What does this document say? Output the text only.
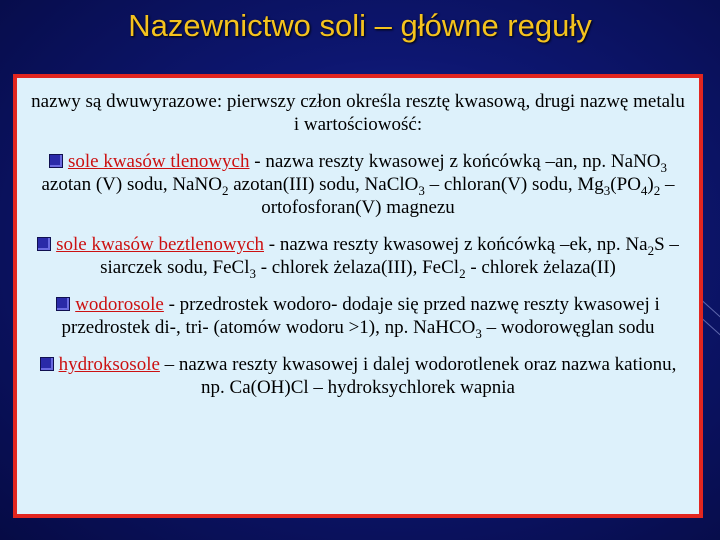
Nazewnictwo soli – główne reguły

nazwy są dwuwyrazowe: pierwszy człon określa resztę kwasową, drugi nazwę metalu i wartościowość:

sole kwasów tlenowych - nazwa reszty kwasowej z końcówką –an, np. NaNO$_3$ azotan (V) sodu, NaNO$_2$ azotan(III) sodu, NaClO$_3$ – chloran(V) sodu, $Mg_3(PO_4)_2$ – ortofosforan(V) magnezu

sole kwasów beztlenowych - nazwa reszty kwasowej z końcówką –ek, np. $Na_2S$ – siarczek sodu, FeCl$_3$ - chlorek żelaza(III), FeCl$_2$ - chlorek żelaza(II)

wodorosole - przedrostek wodoro- dodaje się przed nazwę reszty kwasowej i przedrostek di-, tri- (atomów wodoru >1), np. NaHCO$_3$ – wodorowęglan sodu

hydroksosole – nazwa reszty kwasowej i dalej wodorotlenek oraz nazwa kationu, np. Ca(OH)Cl – hydroksychlorek wapnia
